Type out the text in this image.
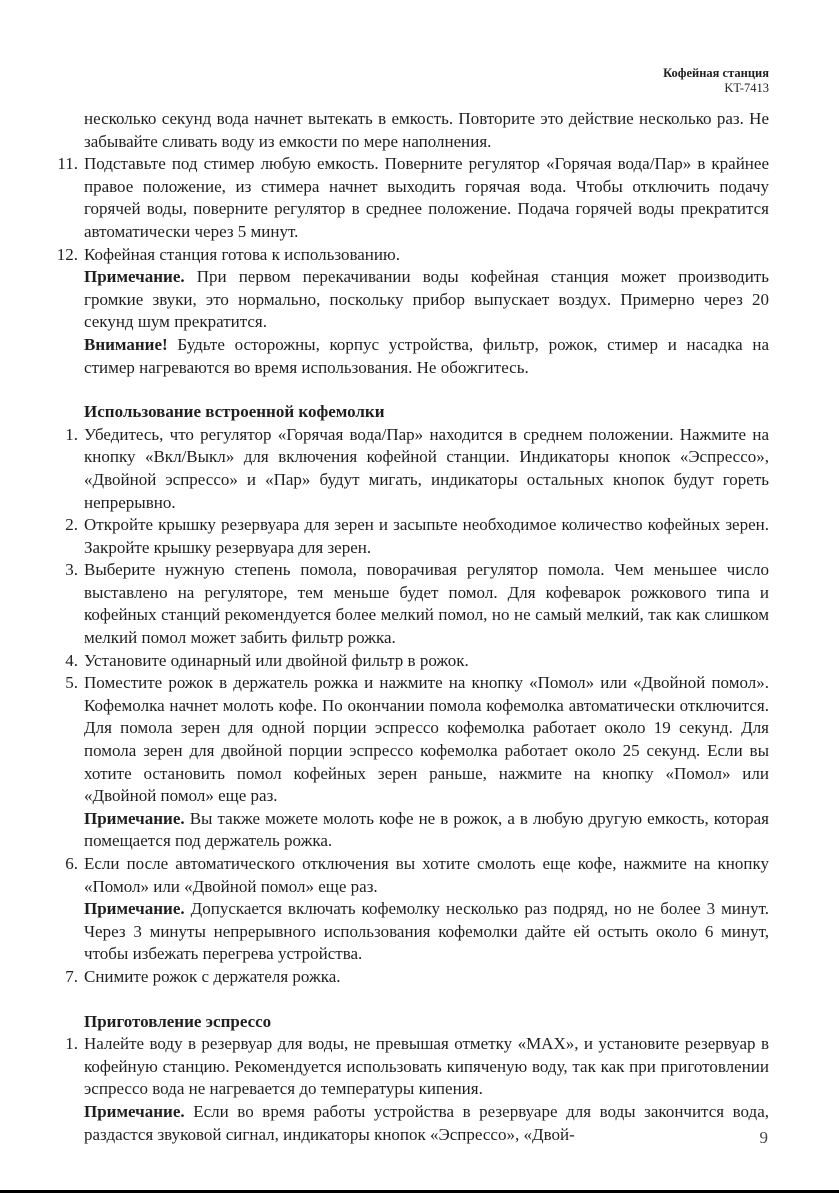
Кофейная станция
KT-7413

несколько секунд вода начнет вытекать в емкость. Повторите это действие несколько раз. Не забывайте сливать воду из емкости по мере наполнения.

11. Подставьте под стимер любую емкость. Поверните регулятор «Горячая вода/Пар» в крайнее правое положение, из стимера начнет выходить горячая вода. Чтобы отключить подачу горячей воды, поверните регулятор в среднее положение. Подача горячей воды прекратится автоматически через 5 минут.

12. Кофейная станция готова к использованию.

Примечание. При первом перекачивании воды кофейная станция может производить громкие звуки, это нормально, поскольку прибор выпускает воздух. Примерно через 20 секунд шум прекратится.

Внимание! Будьте осторожны, корпус устройства, фильтр, рожок, стимер и насадка на стимер нагреваются во время использования. Не обожгитесь.

Использование встроенной кофемолки
1. Убедитесь, что регулятор «Горячая вода/Пар» находится в среднем положении. Нажмите на кнопку «Вкл/Выкл» для включения кофейной станции. Индикаторы кнопок «Эспрессо», «Двойной эспрессо» и «Пар» будут мигать, индикаторы остальных кнопок будут гореть непрерывно.

2. Откройте крышку резервуара для зерен и засыпьте необходимое количество кофейных зерен. Закройте крышку резервуара для зерен.

3. Выберите нужную степень помола, поворачивая регулятор помола. Чем меньшее число выставлено на регуляторе, тем меньше будет помол. Для кофеварок рожкового типа и кофейных станций рекомендуется более мелкий помол, но не самый мелкий, так как слишком мелкий помол может забить фильтр рожка.

4. Установите одинарный или двойной фильтр в рожок.

5. Поместите рожок в держатель рожка и нажмите на кнопку «Помол» или «Двойной помол». Кофемолка начнет молоть кофе. По окончании помола кофемолка автоматически отключится. Для помола зерен для одной порции эспрессо кофемолка работает около 19 секунд. Для помола зерен для двойной порции эспрессо кофемолка работает около 25 секунд. Если вы хотите остановить помол кофейных зерен раньше, нажмите на кнопку «Помол» или «Двойной помол» еще раз.

Примечание. Вы также можете молоть кофе не в рожок, а в любую другую емкость, которая помещается под держатель рожка.

6. Если после автоматического отключения вы хотите смолоть еще кофе, нажмите на кнопку «Помол» или «Двойной помол» еще раз.

Примечание. Допускается включать кофемолку несколько раз подряд, но не более 3 минут. Через 3 минуты непрерывного использования кофемолки дайте ей остыть около 6 минут, чтобы избежать перегрева устройства.

7. Снимите рожок с держателя рожка.

Приготовление эспрессо
1. Налейте воду в резервуар для воды, не превышая отметку «MAX», и установите резервуар в кофейную станцию. Рекомендуется использовать кипяченую воду, так как при приготовлении эспрессо вода не нагревается до температуры кипения.

Примечание. Если во время работы устройства в резервуаре для воды закончится вода, раздастся звуковой сигнал, индикаторы кнопок «Эспрессо», «Двой-	9
